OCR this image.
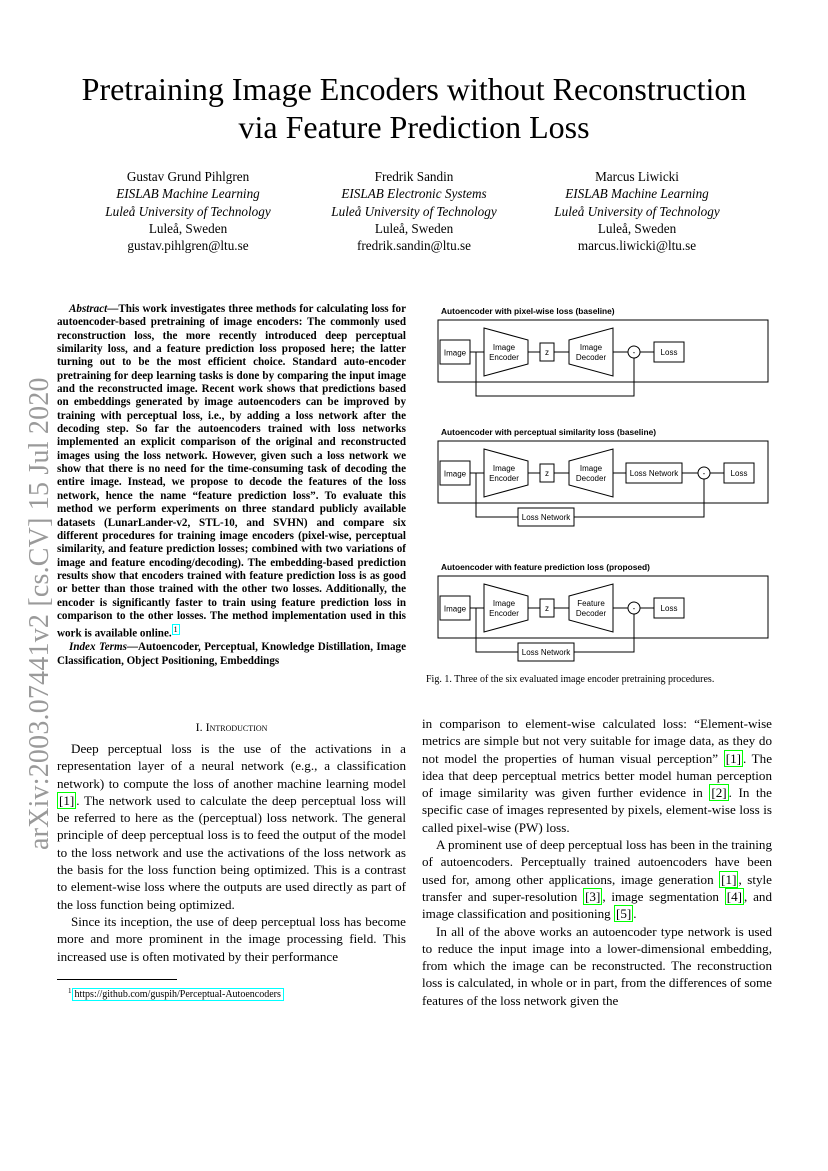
Pretraining Image Encoders without Reconstruction
via Feature Prediction Loss
Gustav Grund Pihlgren
EISLAB Machine Learning
Luleå University of Technology
Luleå, Sweden
gustav.pihlgren@ltu.se
Fredrik Sandin
EISLAB Electronic Systems
Luleå University of Technology
Luleå, Sweden
fredrik.sandin@ltu.se
Marcus Liwicki
EISLAB Machine Learning
Luleå University of Technology
Luleå, Sweden
marcus.liwicki@ltu.se
arXiv:2003.07441v2 [cs.CV] 15 Jul 2020

Abstract—This work investigates three methods for calculating loss for autoencoder-based pretraining of image encoders: The commonly used reconstruction loss, the more recently introduced deep perceptual similarity loss, and a feature prediction loss proposed here; the latter turning out to be the most efficient choice. Standard auto-encoder pretraining for deep learning tasks is done by comparing the input image and the reconstructed image. Recent work shows that predictions based on embeddings generated by image autoencoders can be improved by training with perceptual loss, i.e., by adding a loss network after the decoding step. So far the autoencoders trained with loss networks implemented an explicit comparison of the original and reconstructed images using the loss network. However, given such a loss network we show that there is no need for the time-consuming task of decoding the entire image. Instead, we propose to decode the features of the loss network, hence the name “feature prediction loss”. To evaluate this method we perform experiments on three standard publicly available datasets (LunarLander-v2, STL-10, and SVHN) and compare six different procedures for training image encoders (pixel-wise, perceptual similarity, and feature prediction losses; combined with two variations of image and feature encoding/decoding). The embedding-based prediction results show that encoders trained with feature prediction loss is as good or better than those trained with the other two losses. Additionally, the encoder is significantly faster to train using feature prediction loss in comparison to the other losses. The method implementation used in this work is available online. $^1$

Index Terms—Autoencoder, Perceptual, Knowledge Distillation, Image Classification, Object Positioning, Embeddings

I. Introduction

Deep perceptual loss is the use of the activations in a representation layer of a neural network (e.g., a classification network) to compute the loss of another machine learning model [1] . The network used to calculate the deep perceptual loss will be referred to here as the (perceptual) loss network. The general principle of deep perceptual loss is to feed the output of the model to the loss network and use the activations of the loss network as the basis for the loss function being optimized. This is a contrast to element-wise loss where the outputs are used directly as part of the loss function being optimized.

Since its inception, the use of deep perceptual loss has become more and more prominent in the image processing field. This increased use is often motivated by their performance

$^1$ https://github.com/guspih/Perceptual-Autoencoders

in comparison to element-wise calculated loss: “Element-wise metrics are simple but not very suitable for image data, as they do not model the properties of human visual perception” [1] . The idea that deep perceptual metrics better model human perception of image similarity was given further evidence in [2] . In the specific case of images represented by pixels, element-wise loss is called pixel-wise (PW) loss.

A prominent use of deep perceptual loss has been in the training of autoencoders. Perceptually trained autoencoders have been used for, among other applications, image generation [1] , style transfer and super-resolution [3] , image segmentation [4] , and image classification and positioning [5] .

In all of the above works an autoencoder type network is used to reduce the input image into a lower-dimensional embedding, from which the image can be reconstructed. The reconstruction loss is calculated, in whole or in part, from the differences of some features of the loss network given the

Autoencoder with pixel-wise loss (baseline)
Autoencoder with perceptual similarity loss (baseline)
Autoencoder with feature prediction loss (proposed)
Image
Image
Encoder
z
Image
Decoder
-	Loss
Image
Image
Encoder
z
Image
Decoder
Loss Network	-	Loss
Loss Network
Image
Image
Encoder
z
Feature
Decoder
-	Loss
Loss Network
Fig. 1. Three of the six evaluated image encoder pretraining procedures.
